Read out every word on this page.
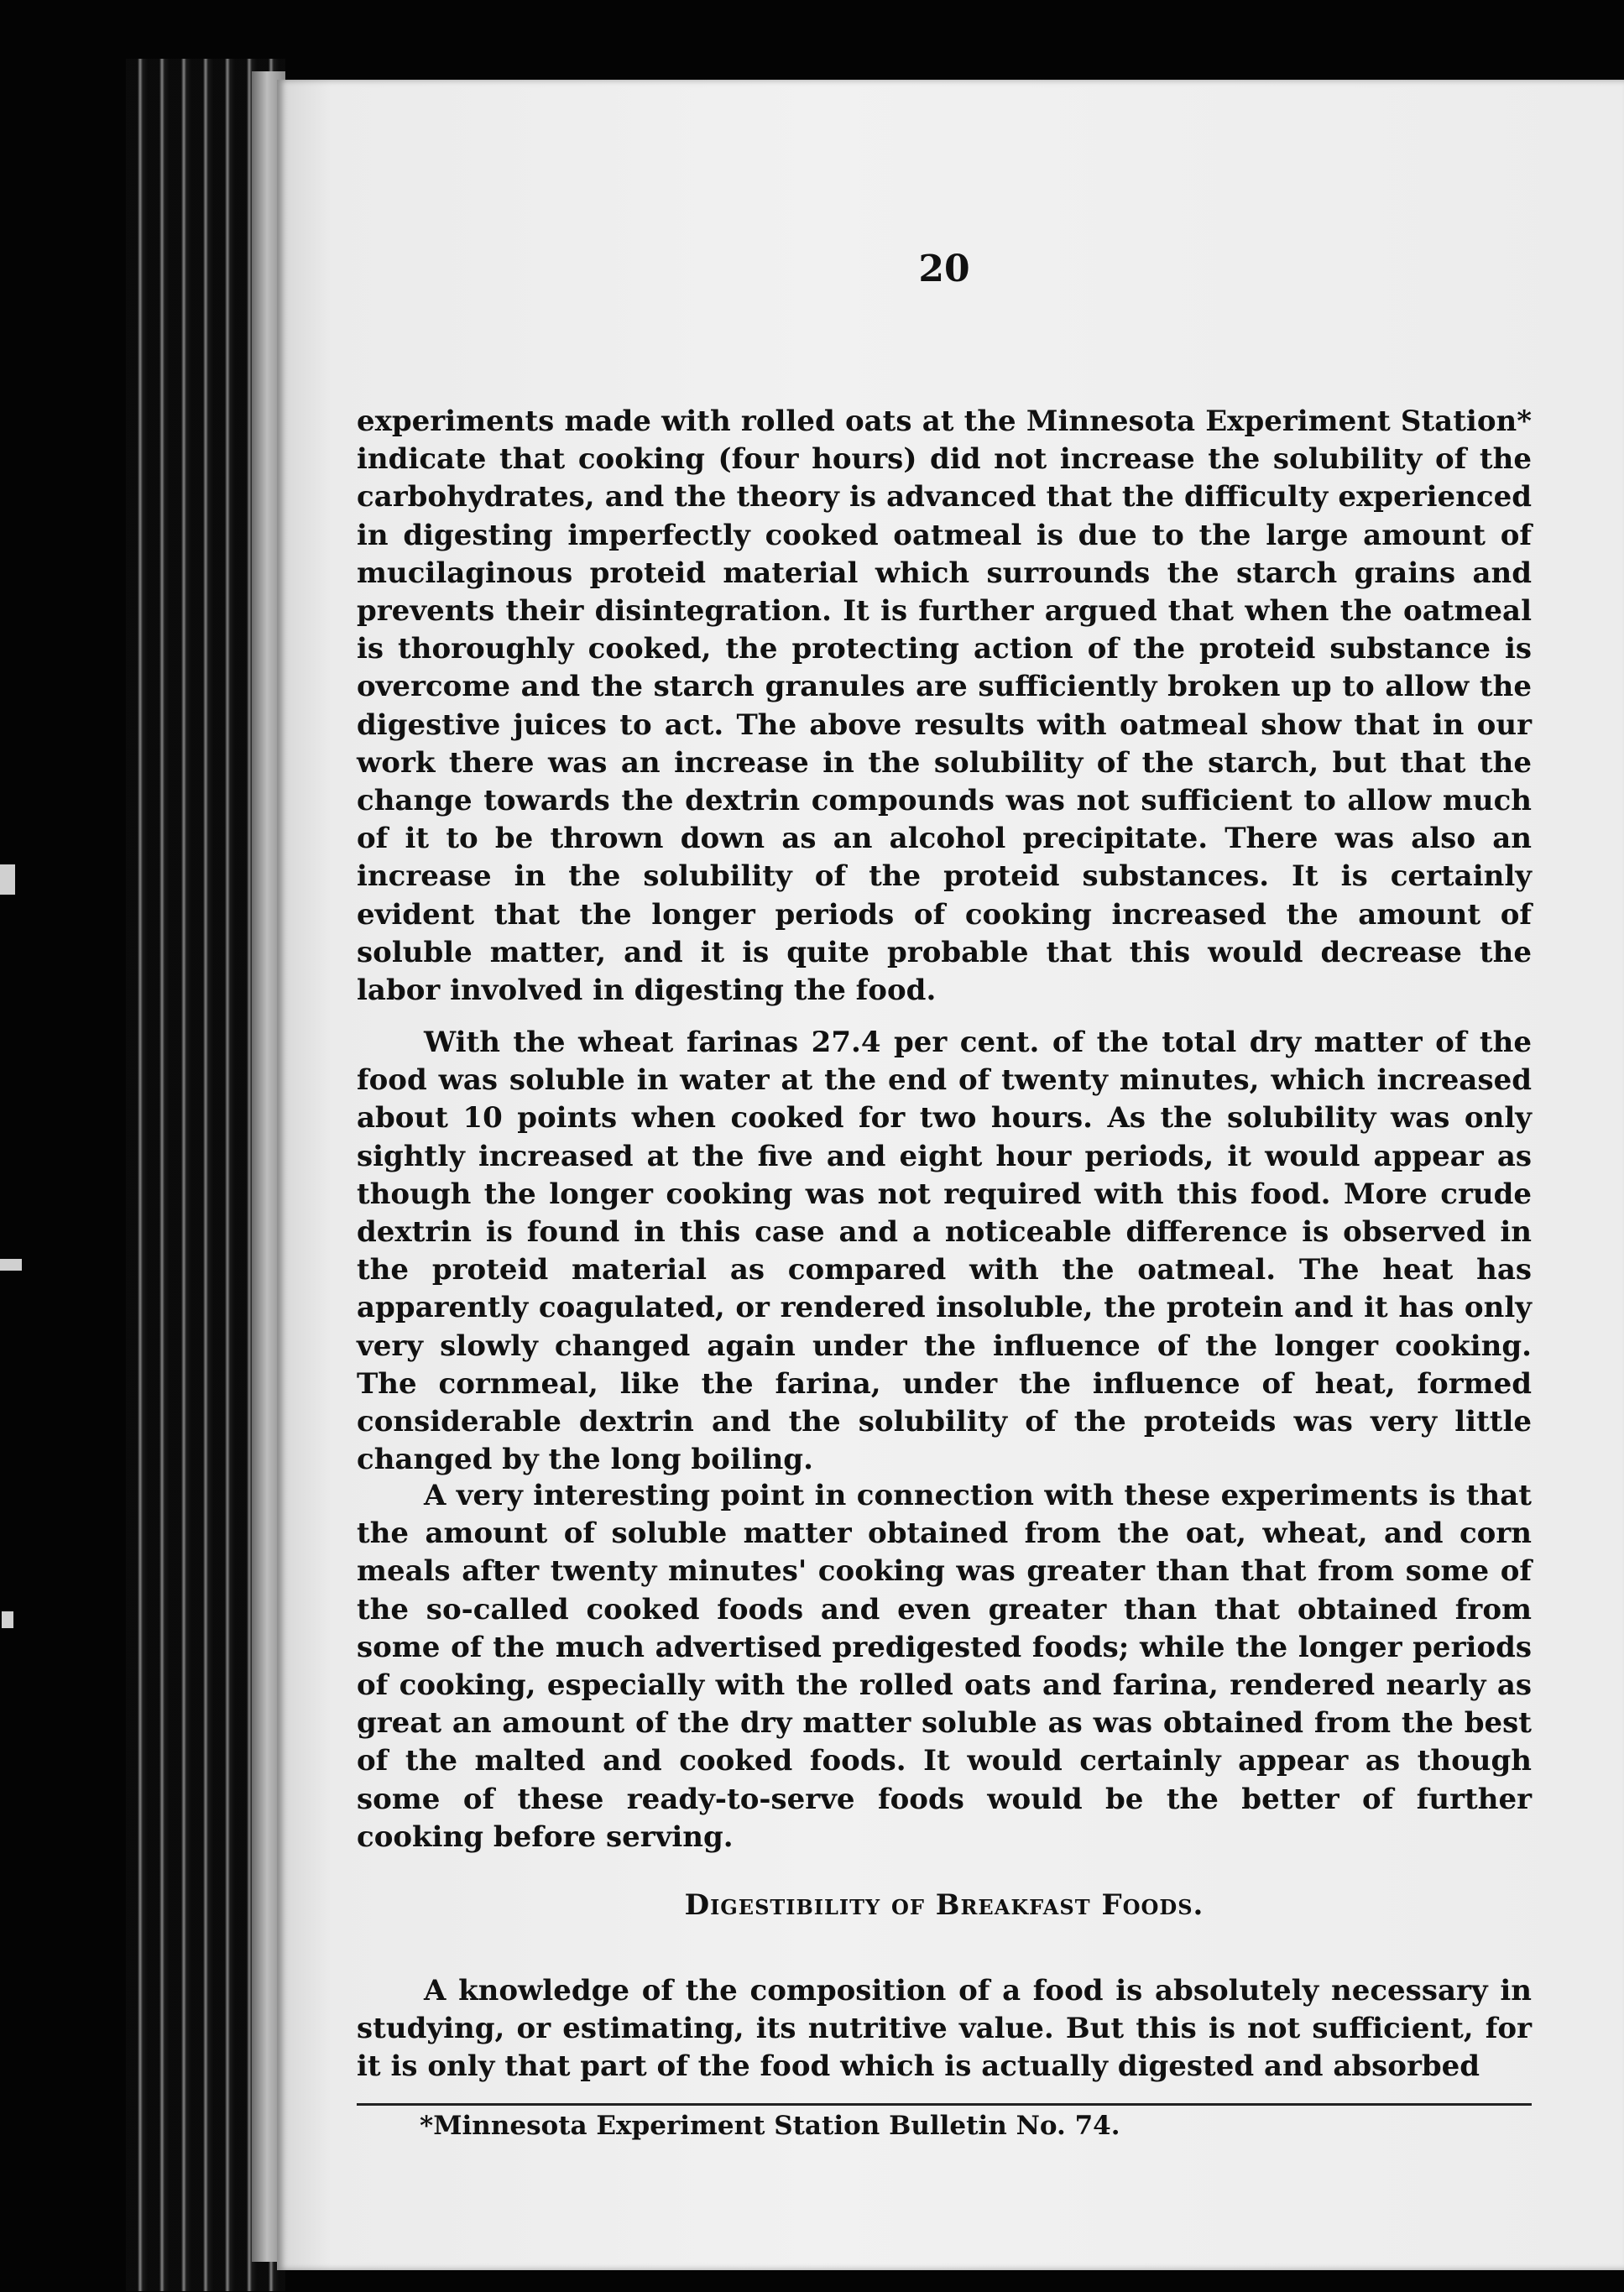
20

experiments made with rolled oats at the Minnesota Experiment Station* indicate that cooking (four hours) did not increase the solubility of the carbohydrates, and the theory is advanced that the difficulty experienced in digesting imperfectly cooked oatmeal is due to the large amount of mucilaginous proteid material which surrounds the starch grains and prevents their disintegration. It is further argued that when the oatmeal is thoroughly cooked, the protecting action of the proteid substance is overcome and the starch granules are sufficiently broken up to allow the digestive juices to act. The above results with oatmeal show that in our work there was an increase in the solubility of the starch, but that the change towards the dextrin compounds was not sufficient to allow much of it to be thrown down as an alcohol precipitate. There was also an increase in the solubility of the proteid substances. It is certainly evident that the longer periods of cooking increased the amount of soluble matter, and it is quite probable that this would decrease the labor involved in digesting the food.

With the wheat farinas 27.4 per cent. of the total dry matter of the food was soluble in water at the end of twenty minutes, which increased about 10 points when cooked for two hours. As the solubility was only sightly increased at the five and eight hour periods, it would appear as though the longer cooking was not required with this food. More crude dextrin is found in this case and a noticeable difference is observed in the proteid material as compared with the oatmeal. The heat has apparently coagulated, or rendered insoluble, the protein and it has only very slowly changed again under the influence of the longer cooking. The cornmeal, like the farina, under the influence of heat, formed considerable dextrin and the solubility of the proteids was very little changed by the long boiling.

A very interesting point in connection with these experiments is that the amount of soluble matter obtained from the oat, wheat, and corn meals after twenty minutes' cooking was greater than that from some of the so-called cooked foods and even greater than that obtained from some of the much advertised predigested foods; while the longer periods of cooking, especially with the rolled oats and farina, rendered nearly as great an amount of the dry matter soluble as was obtained from the best of the malted and cooked foods. It would certainly appear as though some of these ready-to-serve foods would be the better of further cooking before serving.

Digestibility of Breakfast Foods.

A knowledge of the composition of a food is absolutely necessary in studying, or estimating, its nutritive value. But this is not sufficient, for it is only that part of the food which is actually digested and absorbed

*Minnesota Experiment Station Bulletin No. 74.
